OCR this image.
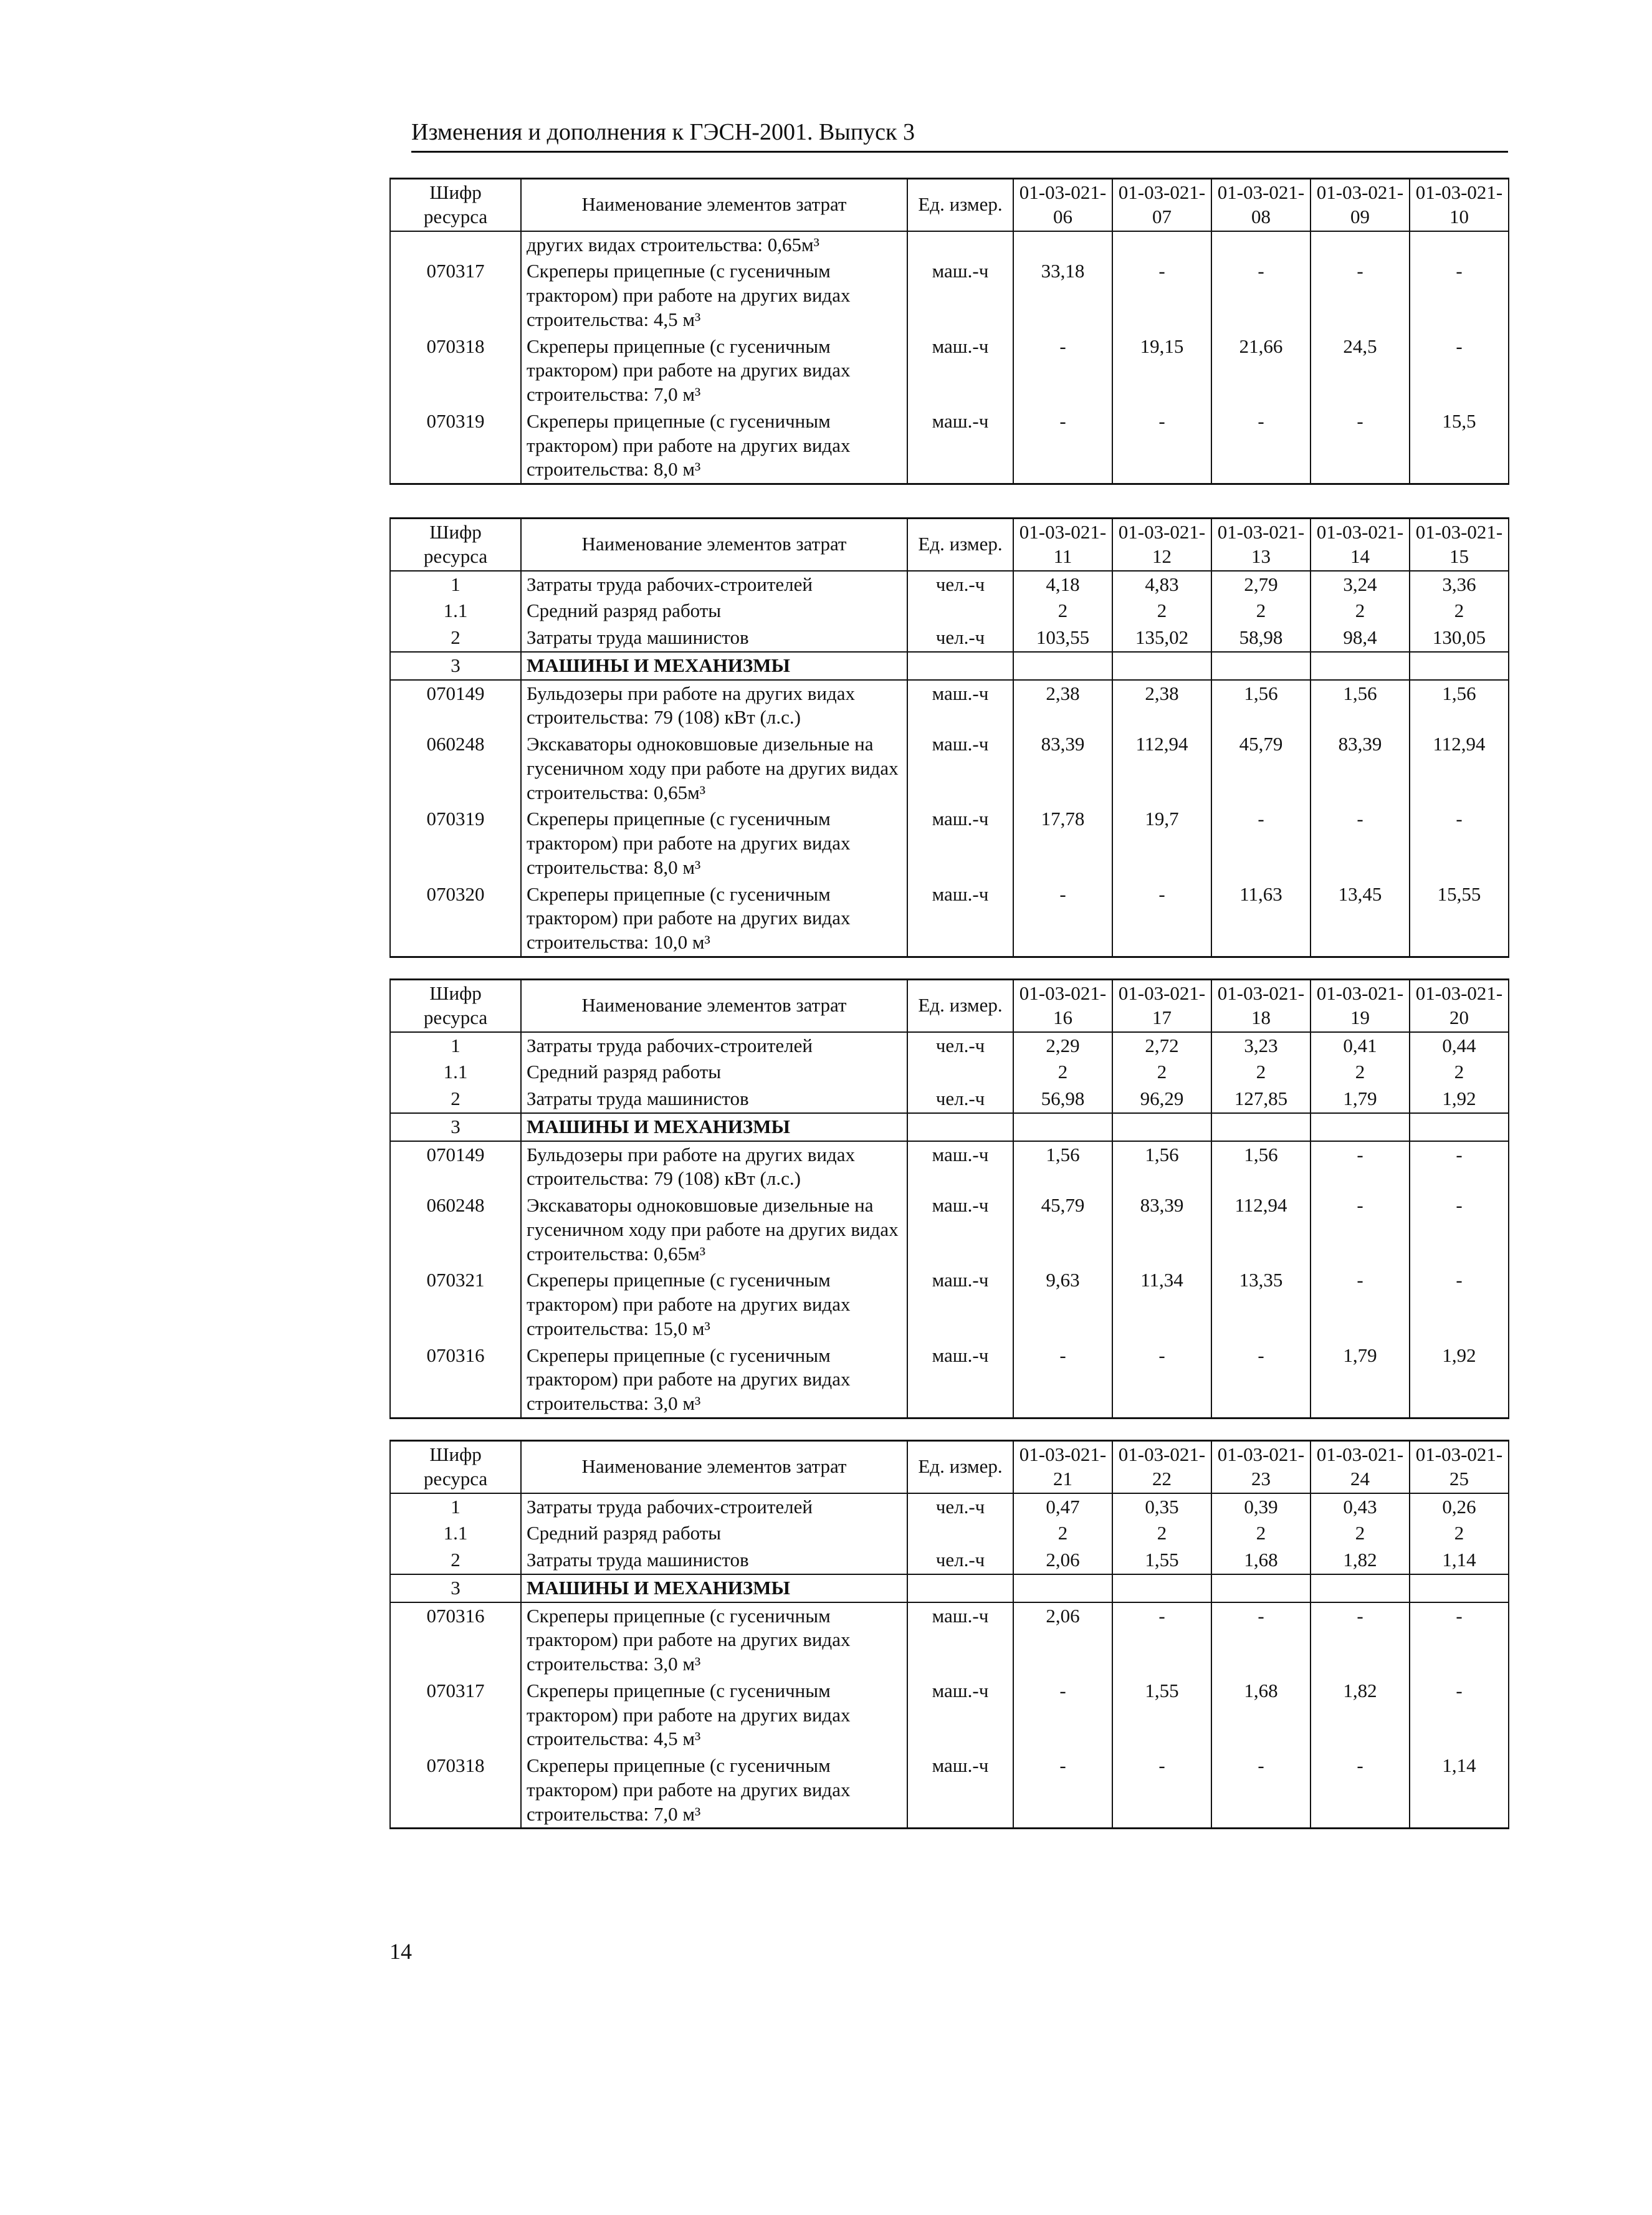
Изменения и дополнения к ГЭСН-2001. Выпуск 3
Шифр ресурса	Наименование элементов затрат	Ед. измер.	01-03-021-06	01-03-021-07	01-03-021-08	01-03-021-09	01-03-021-10
	других видах строительства: 0,65м³						
070317	Скреперы прицепные (с гусеничным трактором) при работе на других видах строительства: 4,5 м³	маш.-ч	33,18	-	-	-	-
070318	Скреперы прицепные (с гусеничным трактором) при работе на других видах строительства: 7,0 м³	маш.-ч	-	19,15	21,66	24,5	-
070319	Скреперы прицепные (с гусеничным трактором) при работе на других видах строительства: 8,0 м³	маш.-ч	-	-	-	-	15,5
Шифр ресурса	Наименование элементов затрат	Ед. измер.	01-03-021-11	01-03-021-12	01-03-021-13	01-03-021-14	01-03-021-15
1	Затраты труда рабочих-строителей	чел.-ч	4,18	4,83	2,79	3,24	3,36
1.1	Средний разряд работы		2	2	2	2	2
2	Затраты труда машинистов	чел.-ч	103,55	135,02	58,98	98,4	130,05
3	МАШИНЫ И МЕХАНИЗМЫ						
070149	Бульдозеры при работе на других видах строительства: 79 (108) кВт (л.с.)	маш.-ч	2,38	2,38	1,56	1,56	1,56
060248	Экскаваторы одноковшовые дизельные на гусеничном ходу при работе на других видах строительства: 0,65м³	маш.-ч	83,39	112,94	45,79	83,39	112,94
070319	Скреперы прицепные (с гусеничным трактором) при работе на других видах строительства: 8,0 м³	маш.-ч	17,78	19,7	-	-	-
070320	Скреперы прицепные (с гусеничным трактором) при работе на других видах строительства: 10,0 м³	маш.-ч	-	-	11,63	13,45	15,55
Шифр ресурса	Наименование элементов затрат	Ед. измер.	01-03-021-16	01-03-021-17	01-03-021-18	01-03-021-19	01-03-021-20
1	Затраты труда рабочих-строителей	чел.-ч	2,29	2,72	3,23	0,41	0,44
1.1	Средний разряд работы		2	2	2	2	2
2	Затраты труда машинистов	чел.-ч	56,98	96,29	127,85	1,79	1,92
3	МАШИНЫ И МЕХАНИЗМЫ						
070149	Бульдозеры при работе на других видах строительства: 79 (108) кВт (л.с.)	маш.-ч	1,56	1,56	1,56	-	-
060248	Экскаваторы одноковшовые дизельные на гусеничном ходу при работе на других видах строительства: 0,65м³	маш.-ч	45,79	83,39	112,94	-	-
070321	Скреперы прицепные (с гусеничным трактором) при работе на других видах строительства: 15,0 м³	маш.-ч	9,63	11,34	13,35	-	-
070316	Скреперы прицепные (с гусеничным трактором) при работе на других видах строительства: 3,0 м³	маш.-ч	-	-	-	1,79	1,92
Шифр ресурса	Наименование элементов затрат	Ед. измер.	01-03-021-21	01-03-021-22	01-03-021-23	01-03-021-24	01-03-021-25
1	Затраты труда рабочих-строителей	чел.-ч	0,47	0,35	0,39	0,43	0,26
1.1	Средний разряд работы		2	2	2	2	2
2	Затраты труда машинистов	чел.-ч	2,06	1,55	1,68	1,82	1,14
3	МАШИНЫ И МЕХАНИЗМЫ						
070316	Скреперы прицепные (с гусеничным трактором) при работе на других видах строительства: 3,0 м³	маш.-ч	2,06	-	-	-	-
070317	Скреперы прицепные (с гусеничным трактором) при работе на других видах строительства: 4,5 м³	маш.-ч	-	1,55	1,68	1,82	-
070318	Скреперы прицепные (с гусеничным трактором) при работе на других видах строительства: 7,0 м³	маш.-ч	-	-	-	-	1,14
14
